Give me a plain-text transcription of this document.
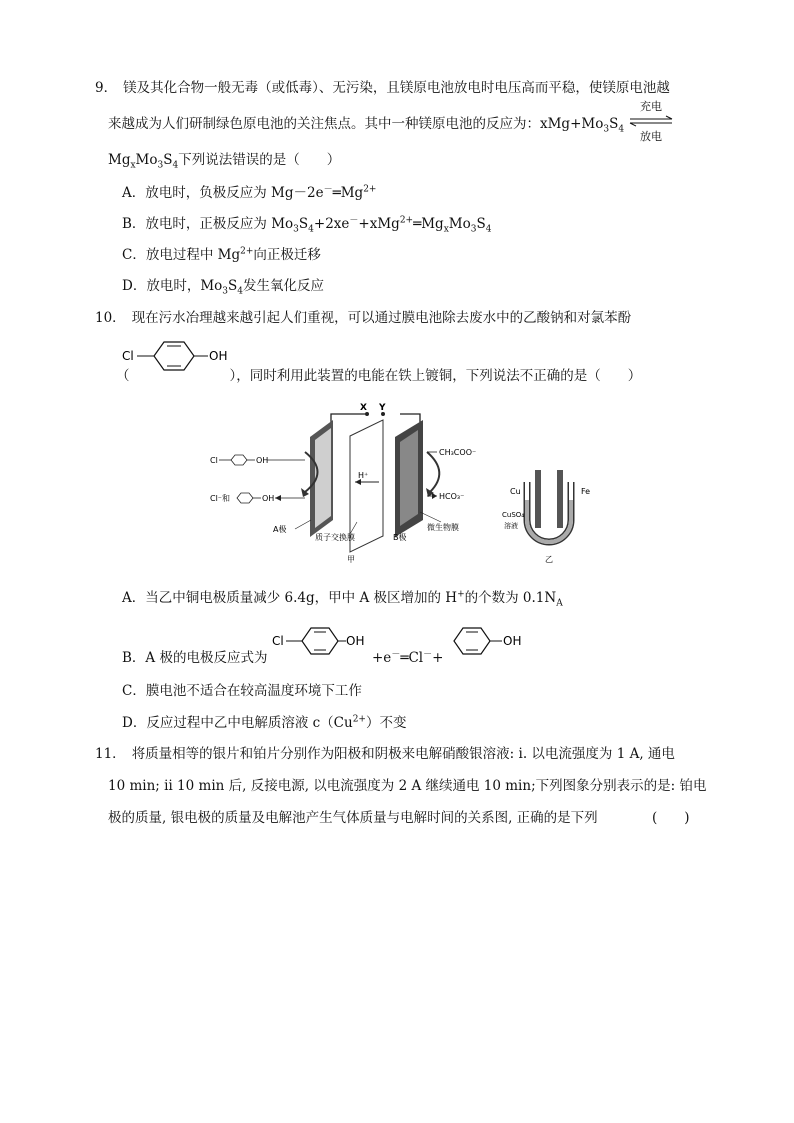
9． 镁及其化合物一般无毒（或低毒）、无污染，且镁原电池放电时电压高而平稳，使镁原电池越
来越成为人们研制绿色原电池的关注焦点。其中一种镁原电池的反应为：$xMg+Mo_3S_4$
充电
放电
$Mg_xMo_3S_4$下列说法错误的是（　　）
A．放电时，负极反应为 $Mg-2e^-═Mg^{2+}$
B．放电时，正极反应为 $Mo_3S_4+2xe^-+xMg^{2+}═Mg_xMo_3S_4$
C．放电过程中 $Mg^{2+}$向正极迁移
D．放电时，$Mo_3S_4$发生氧化反应
10． 现在污水冶理越来越引起人们重视，可以通过膜电池除去废水中的乙酸钠和对氯苯酚
Cl	OH
（	），同时利用此装置的电能在铁上镀铜，下列说法不正确的是（　　）
X Y
H⁺
Cl	OH
Cl⁻和	OH
CH₃COO⁻
HCO₃⁻
A极
质子交换膜	B极
微生物膜
甲
Cu	Fe
CuSO₄
溶液
乙
A．当乙中铜电极质量减少 6.4g，甲中 A 极区增加的 H+的个数为 $0.1N_A$
B．A 极的电极反应式为
Cl	OH
+e－═Cl－+
OH
C．膜电池不适合在较高温度环境下工作
D．反应过程中乙中电解质溶液 $c(Cu^{2+})$不变
11． 将质量相等的银片和铂片分别作为阳极和阴极来电解硝酸银溶液: ⅰ. 以电流强度为 1 A, 通电
10 min; ⅱ 10 min 后, 反接电源, 以电流强度为 2 A 继续通电 10 min;下列图象分别表示的是: 铂电
极的质量, 银电极的质量及电解池产生气体质量与电解时间的关系图, 正确的是下列	(　　)
